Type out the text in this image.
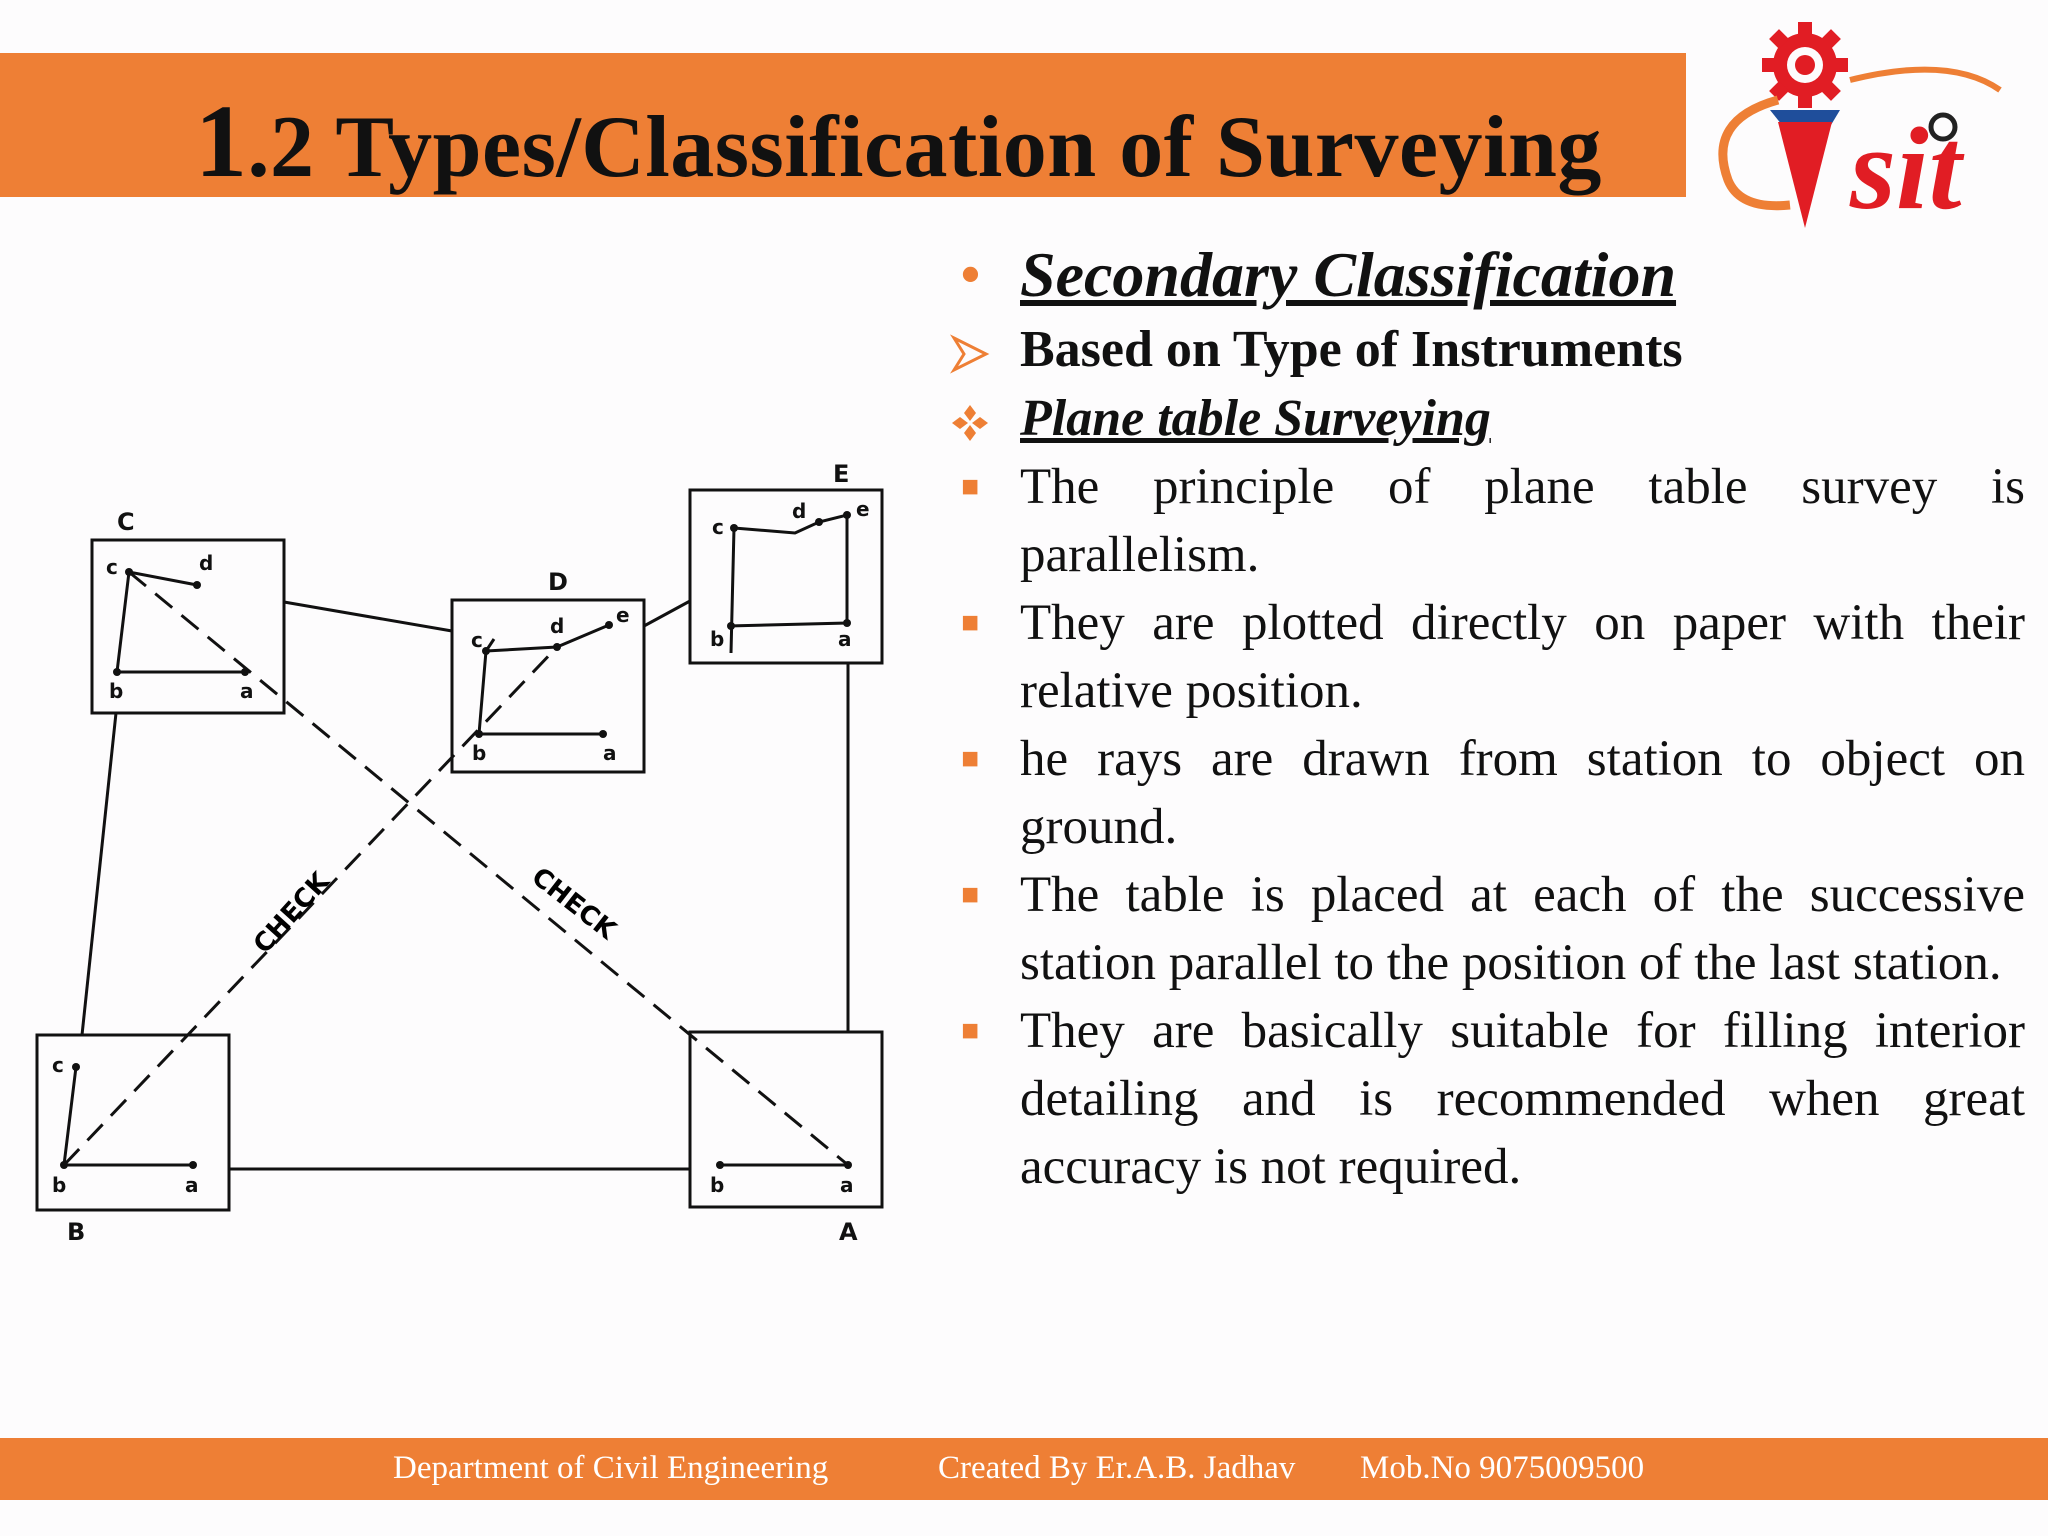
1.2 Types/Classification of Surveying sit
C
D
E
B	A
c	d
b	a
c
d	e
b	a
c
d e
b	a
c
b	a	b	a
CHECK	CHECK
• Secondary Classification
Based on Type of Instruments
Plane table Surveying
■ The principle of plane table survey is parallelism.
■ They are plotted directly on paper with their relative position.
■ he rays are drawn from station to object on ground.
■ The table is placed at each of the successive station parallel to the position of the last station.
■ They are basically suitable for filling interior detailing and is recommended when great accuracy is not required.
Department of Civil Engineering	Created By Er.A.B. Jadhav Mob.No 9075009500
